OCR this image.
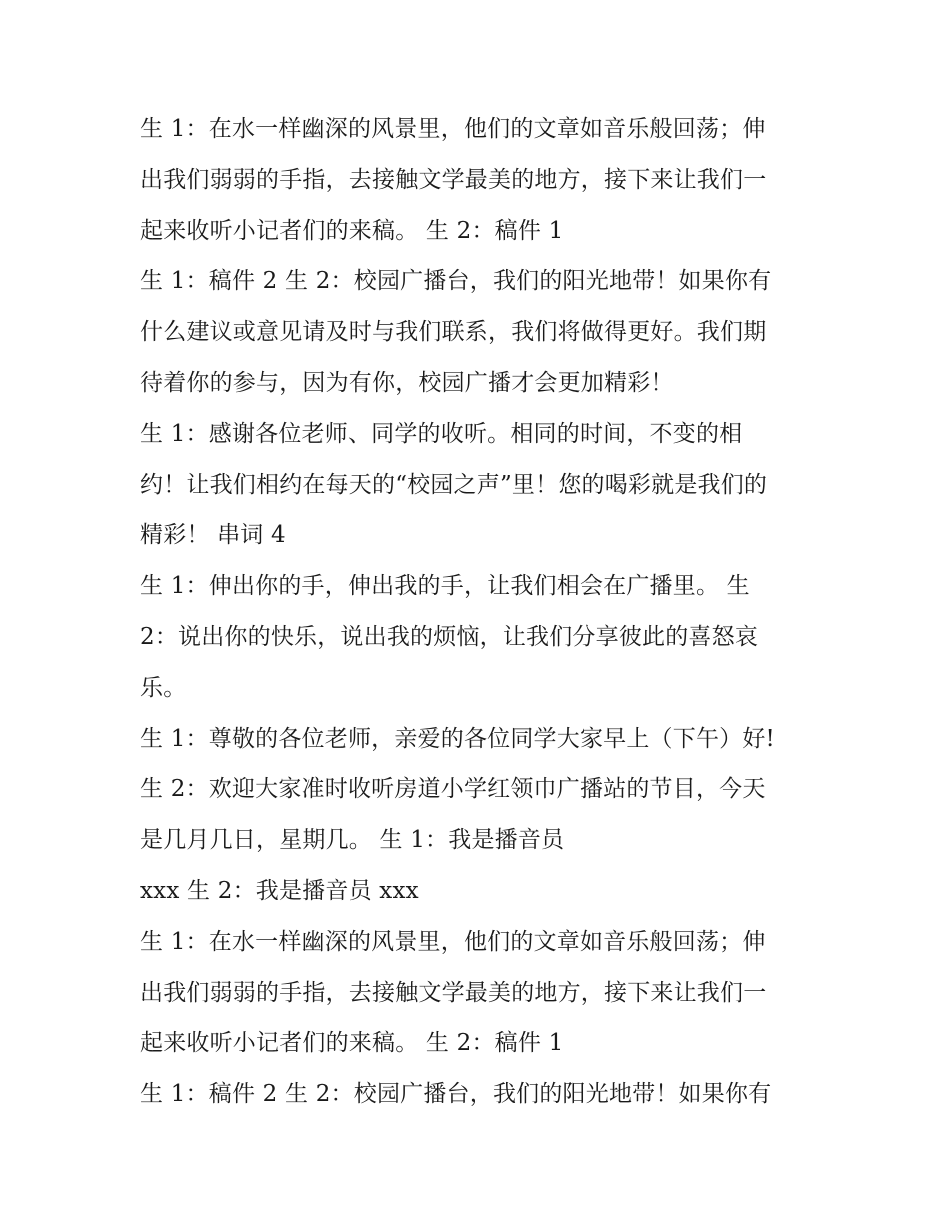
生 1：在水一样幽深的风景里，他们的文章如音乐般回荡；伸
出我们弱弱的手指，去接触文学最美的地方，接下来让我们一
起来收听小记者们的来稿。 生 2：稿件 1
生 1：稿件 2 生 2：校园广播台，我们的阳光地带！如果你有
什么建议或意见请及时与我们联系，我们将做得更好。我们期
待着你的参与，因为有你，校园广播才会更加精彩！
生 1：感谢各位老师、同学的收听。相同的时间，不变的相
约！让我们相约在每天的“校园之声”里！您的喝彩就是我们的
精彩！ 串词 4
生 1：伸出你的手，伸出我的手，让我们相会在广播里。 生
2：说出你的快乐，说出我的烦恼，让我们分享彼此的喜怒哀
乐。
生 1：尊敬的各位老师，亲爱的各位同学大家早上（下午）好!
生 2：欢迎大家准时收听房道小学红领巾广播站的节目，今天
是几月几日，星期几。 生 1：我是播音员
xxx 生 2：我是播音员 xxx
生 1：在水一样幽深的风景里，他们的文章如音乐般回荡；伸
出我们弱弱的手指，去接触文学最美的地方，接下来让我们一
起来收听小记者们的来稿。 生 2：稿件 1
生 1：稿件 2 生 2：校园广播台，我们的阳光地带！如果你有
